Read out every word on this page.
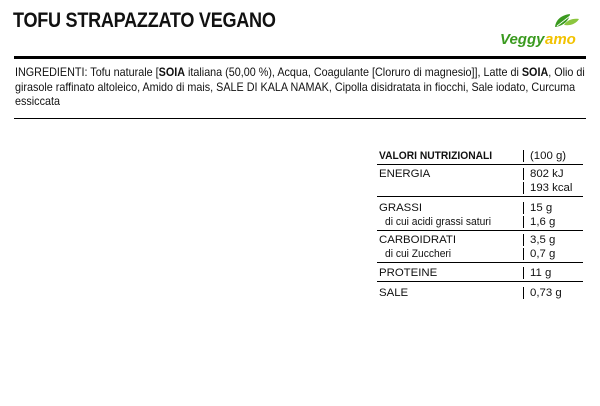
TOFU STRAPAZZATO VEGANO
Veggy amo
INGREDIENTI: Tofu naturale [SOIA italiana (50,00 %), Acqua, Coagulante [Cloruro di magnesio]], Latte di SOIA, Olio di girasole raffinato altoleico, Amido di mais, SALE DI KALA NAMAK, Cipolla disidratata in fiocchi, Sale iodato, Curcuma essiccata
VALORI NUTRIZIONALI	(100 g)
ENERGIA	802 kJ
193 kcal
GRASSI	15 g
di cui acidi grassi saturi	1,6 g
CARBOIDRATI	3,5 g
di cui Zuccheri	0,7 g
PROTEINE	11 g
SALE	0,73 g
